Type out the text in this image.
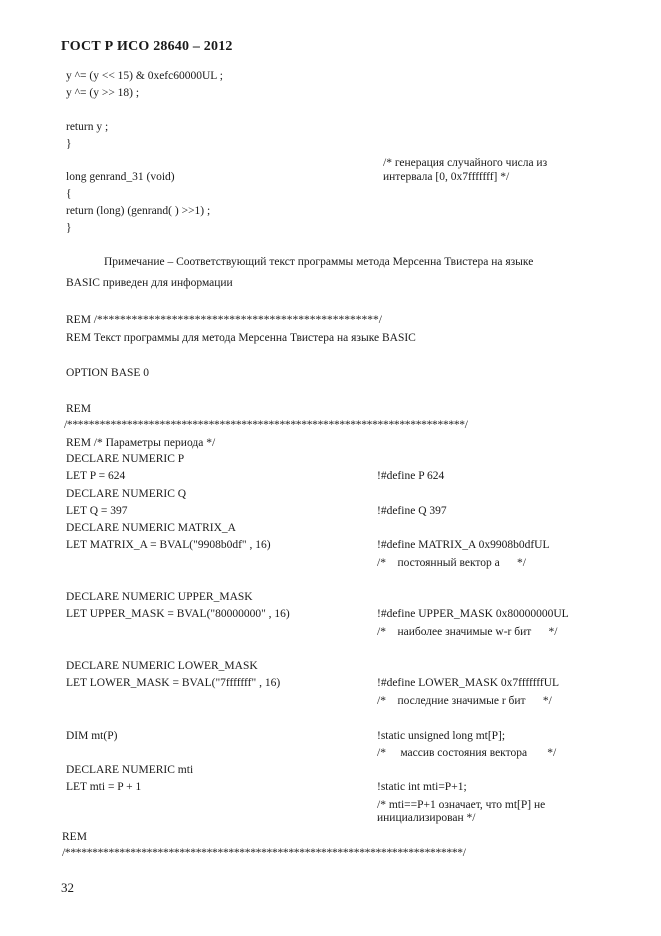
ГОСТ Р ИСО 28640 – 2012
y ^= (y << 15) & 0xefc60000UL ;
y ^= (y >> 18) ;
return y ;
}
/* генерация случайного числа из
интервала [0, 0x7fffffff] */
long genrand_31 (void)
{
return (long) (genrand( ) >>1) ;
}
Примечание – Соответствующий текст программы метода Мерсенна Твистера на языке
BASIC приведен для информации
REM /*************************************************/
REM Текст программы для метода Мерсенна Твистера на языке BASIC
OPTION BASE 0
REM
/*************************************************************************/
REM /* Параметры периода */
DECLARE NUMERIC P
LET P = 624	!#define P 624
DECLARE NUMERIC Q
LET Q = 397	!#define Q 397
DECLARE NUMERIC MATRIX_A
LET MATRIX_A = BVAL("9908b0df" , 16)	!#define MATRIX_A 0x9908b0dfUL
/*    постоянный вектор a      */
DECLARE NUMERIC UPPER_MASK
LET UPPER_MASK = BVAL("80000000" , 16)	!#define UPPER_MASK 0x80000000UL
/*    наиболее значимые w-r бит      */
DECLARE NUMERIC LOWER_MASK
LET LOWER_MASK = BVAL("7fffffff" , 16)	!#define LOWER_MASK 0x7fffffffUL
/*    последние значимые r бит      */
DIM mt(P)	!static unsigned long mt[P];
/*     массив состояния вектора       */
DECLARE NUMERIC mti
LET mti = P + 1	!static int mti=P+1;
/* mti==P+1 означает, что mt[P] не
инициализирован */
REM
/*************************************************************************/
32
